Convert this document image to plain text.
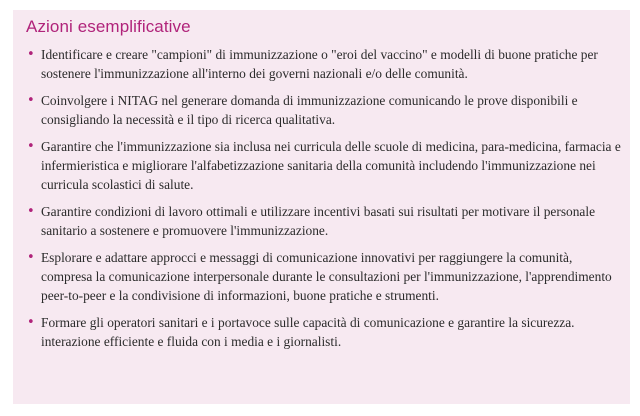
Azioni esemplificative
• Identificare e creare "campioni" di immunizzazione o "eroi del vaccino" e modelli di buone pratiche per sostenere l'immunizzazione all'interno dei governi nazionali e/o delle comunità.
• Coinvolgere i NITAG nel generare domanda di immunizzazione comunicando le prove disponibili e consigliando la necessità e il tipo di ricerca qualitativa.
• Garantire che l'immunizzazione sia inclusa nei curricula delle scuole di medicina, para-medicina, farmacia e infermieristica e migliorare l'alfabetizzazione sanitaria della comunità includendo l'immunizzazione nei curricula scolastici di salute.
• Garantire condizioni di lavoro ottimali e utilizzare incentivi basati sui risultati per motivare il personale sanitario a sostenere e promuovere l'immunizzazione.
• Esplorare e adattare approcci e messaggi di comunicazione innovativi per raggiungere la comunità, compresa la comunicazione interpersonale durante le consultazioni per l'immunizzazione, l'apprendimento peer-to-peer e la condivisione di informazioni, buone pratiche e strumenti.
• Formare gli operatori sanitari e i portavoce sulle capacità di comunicazione e garantire la sicurezza. interazione efficiente e fluida con i media e i giornalisti.
